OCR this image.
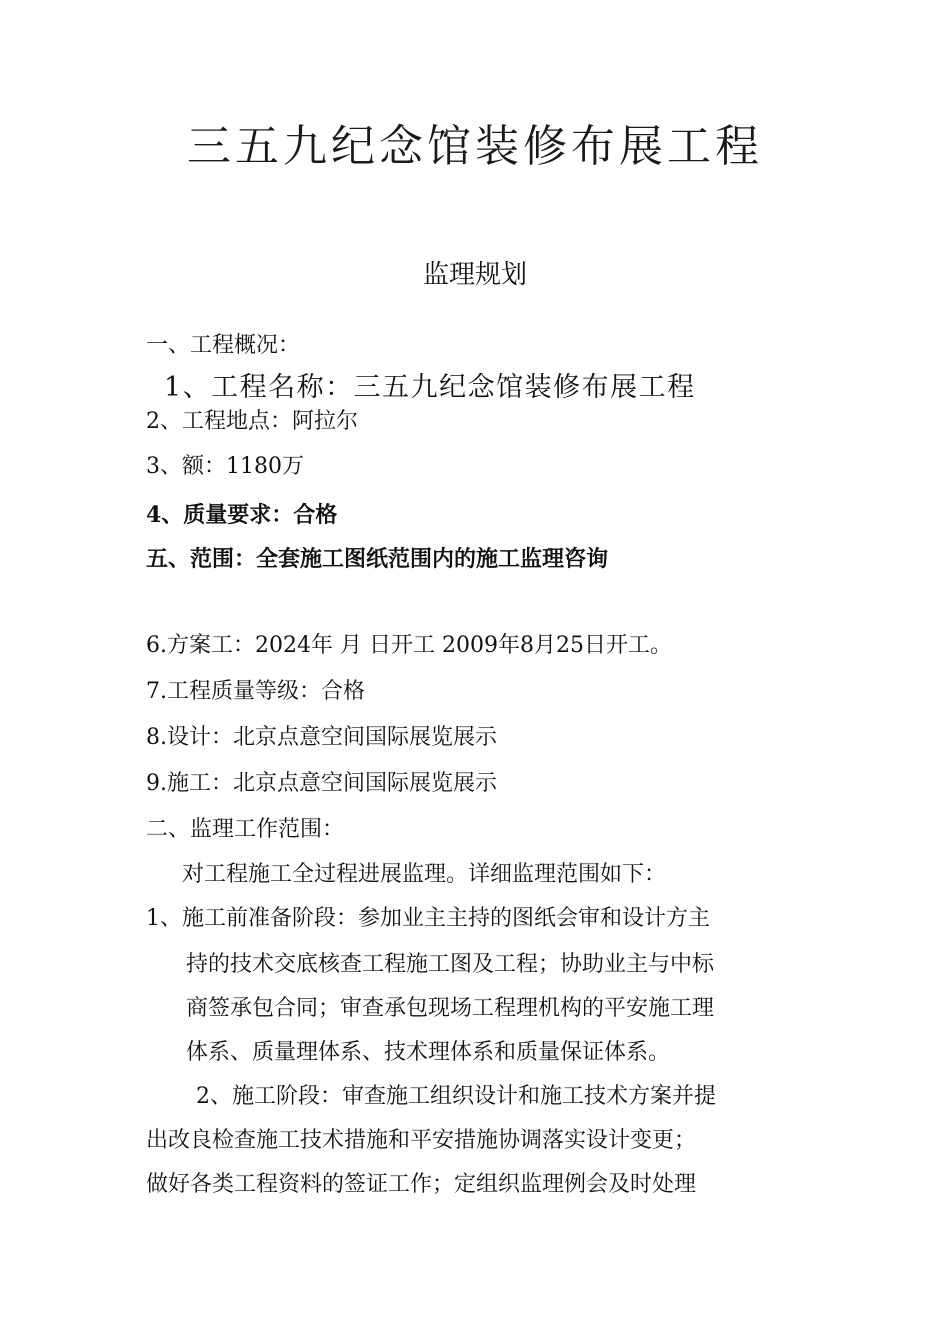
三五九纪念馆装修布展工程
监理规划
一、工程概况：
1、工程名称：三五九纪念馆装修布展工程
2、工程地点：阿拉尔
3、额：1180万
4、质量要求：合格
五、范围：全套施工图纸范围内的施工监理咨询
6.方案工：2024年 月 日开工 2009年8月25日开工。
7.工程质量等级：合格
8.设计：北京点意空间国际展览展示
9.施工：北京点意空间国际展览展示
二、监理工作范围：
对工程施工全过程进展监理。详细监理范围如下：
1、施工前准备阶段：参加业主主持的图纸会审和设计方主
持的技术交底核查工程施工图及工程；协助业主与中标
商签承包合同；审查承包现场工程理机构的平安施工理
体系、质量理体系、技术理体系和质量保证体系。
2、施工阶段：审查施工组织设计和施工技术方案并提
出改良检查施工技术措施和平安措施协调落实设计变更；
做好各类工程资料的签证工作；定组织监理例会及时处理
